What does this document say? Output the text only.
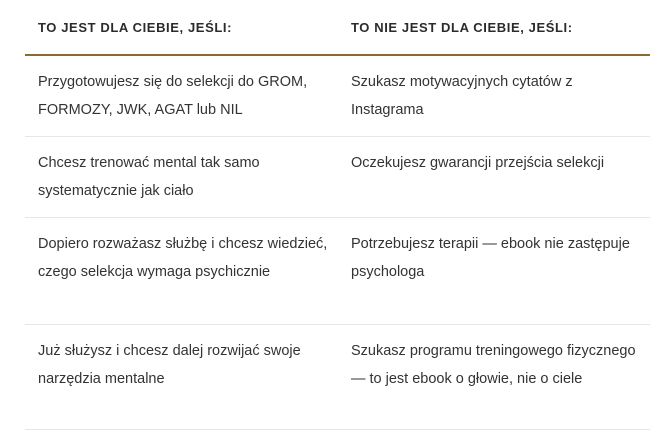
TO JEST DLA CIEBIE, JEŚLI:	TO NIE JEST DLA CIEBIE, JEŚLI:
Przygotowujesz się do selekcji do GROM, FORMOZY, JWK, AGAT lub NIL	Szukasz motywacyjnych cytatów z Instagrama
Chcesz trenować mental tak samo systematycznie jak ciało	Oczekujesz gwarancji przejścia selekcji
Dopiero rozważasz służbę i chcesz wiedzieć, czego selekcja wymaga psychicznie	Potrzebujesz terapii — ebook nie zastępuje psychologa
Już służysz i chcesz dalej rozwijać swoje narzędzia mentalne	Szukasz programu treningowego fizycznego — to jest ebook o głowie, nie o ciele
